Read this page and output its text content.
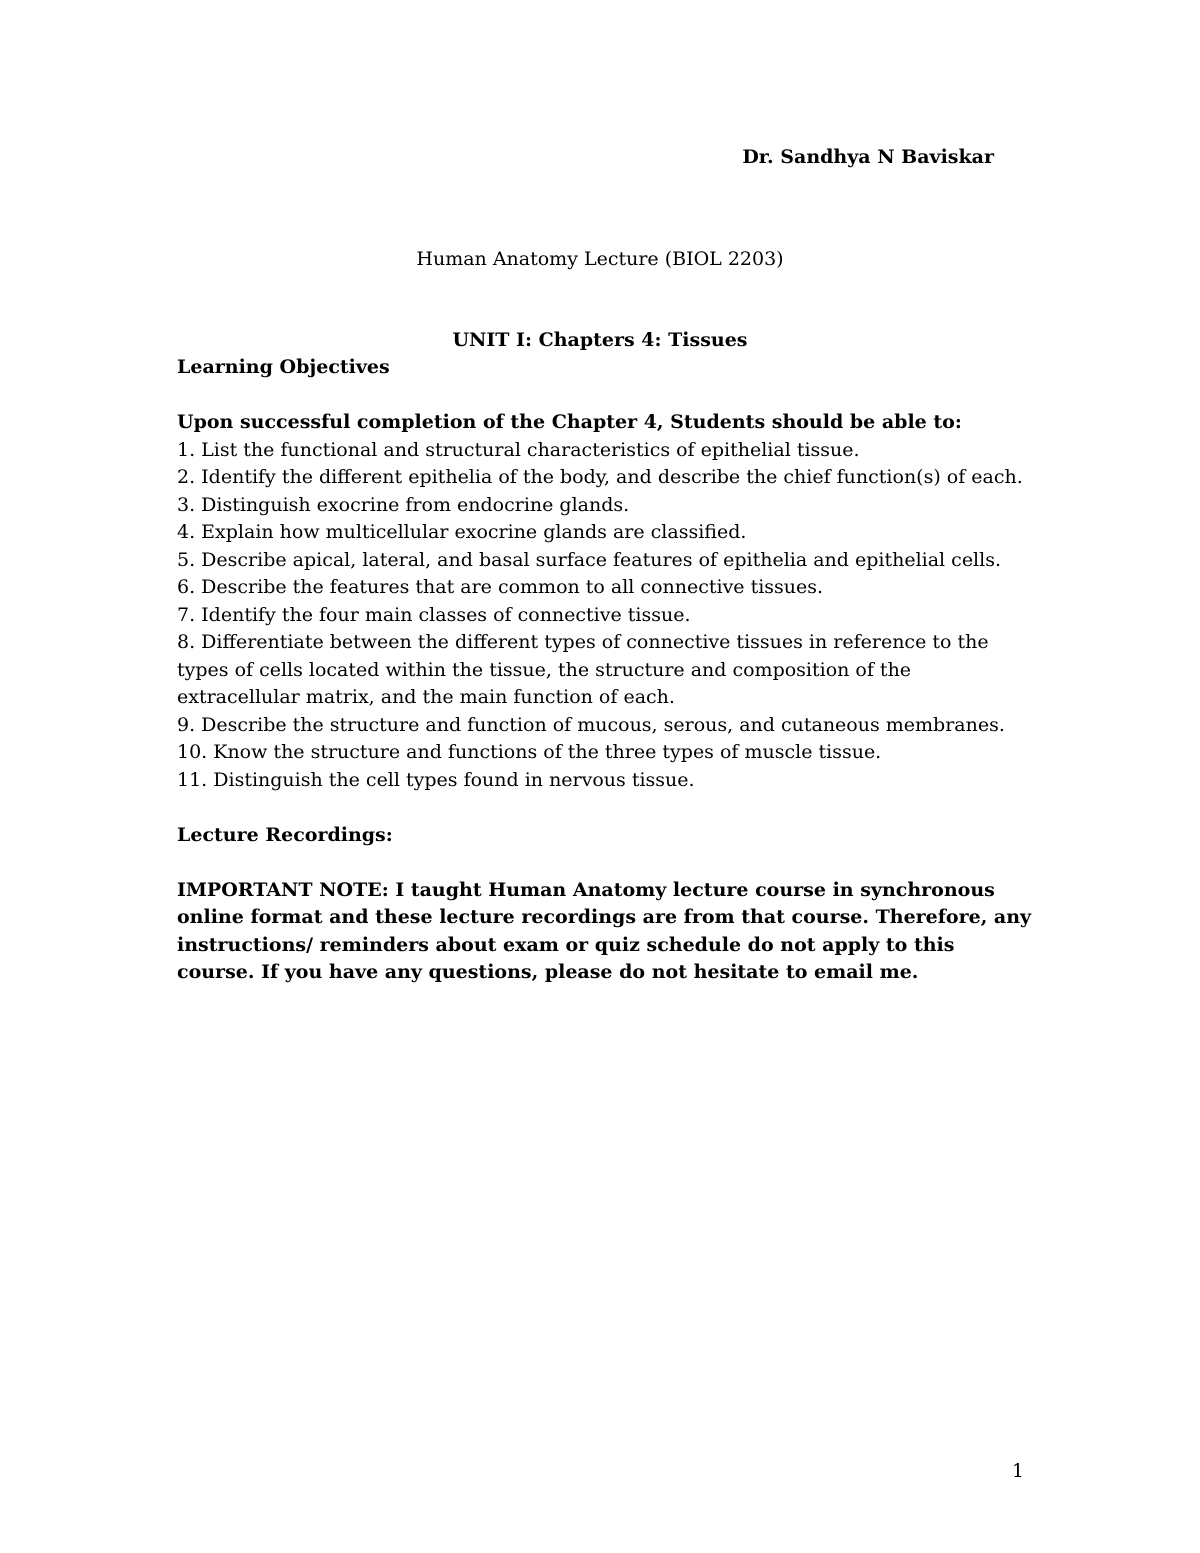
Dr. Sandhya N Baviskar
Human Anatomy Lecture (BIOL 2203)
UNIT I: Chapters 4: Tissues

Learning Objectives

Upon successful completion of the Chapter 4, Students should be able to:

1. List the functional and structural characteristics of epithelial tissue.
2. Identify the different epithelia of the body, and describe the chief function(s) of each.
3. Distinguish exocrine from endocrine glands.
4. Explain how multicellular exocrine glands are classified.
5. Describe apical, lateral, and basal surface features of epithelia and epithelial cells.
6. Describe the features that are common to all connective tissues.
7. Identify the four main classes of connective tissue.
8. Differentiate between the different types of connective tissues in reference to the types of cells located within the tissue, the structure and composition of the extracellular matrix, and the main function of each.
9. Describe the structure and function of mucous, serous, and cutaneous membranes.
10. Know the structure and functions of the three types of muscle tissue.
11. Distinguish the cell types found in nervous tissue.

Lecture Recordings:

IMPORTANT NOTE: I taught Human Anatomy lecture course in synchronous online format and these lecture recordings are from that course. Therefore, any instructions/ reminders about exam or quiz schedule do not apply to this course. If you have any questions, please do not hesitate to email me.

1
